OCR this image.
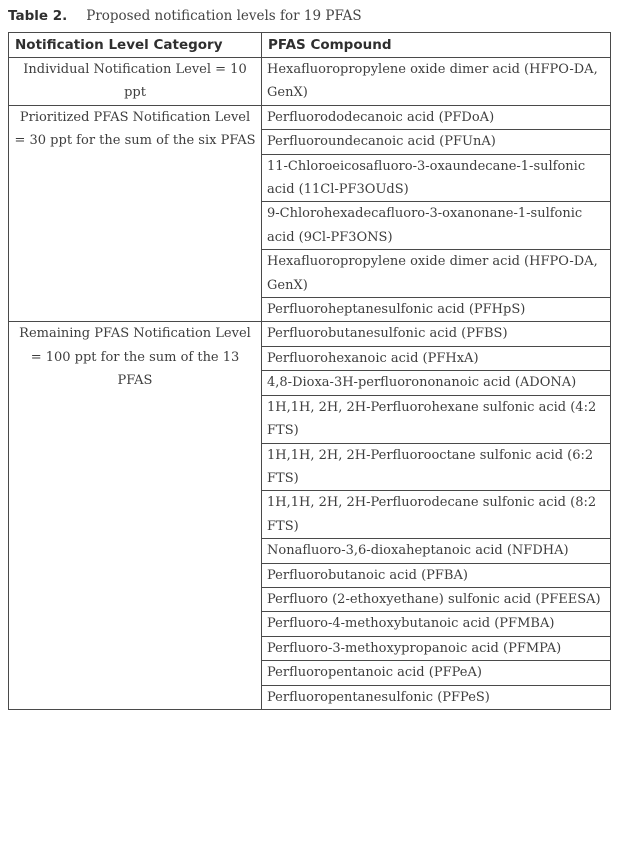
Table 2. Proposed notification levels for 19 PFAS
Notification Level Category	PFAS Compound
Individual Notification Level = 10 ppt	Hexafluoropropylene oxide dimer acid (HFPO-DA, GenX)
Prioritized PFAS Notification Level = 30 ppt for the sum of the six PFAS	Perfluorododecanoic acid (PFDoA)
	Perfluoroundecanoic acid (PFUnA)
	11-Chloroeicosafluoro-3-oxaundecane-1-sulfonic acid (11Cl-PF3OUdS)
	9-Chlorohexadecafluoro-3-oxanonane-1-sulfonic acid (9Cl-PF3ONS)
	Hexafluoropropylene oxide dimer acid (HFPO-DA, GenX)
	Perfluoroheptanesulfonic acid (PFHpS)
Remaining PFAS Notification Level = 100 ppt for the sum of the 13 PFAS	Perfluorobutanesulfonic acid (PFBS)
	Perfluorohexanoic acid (PFHxA)
	4,8-Dioxa-3H-perfluorononanoic acid (ADONA)
	1H,1H, 2H, 2H-Perfluorohexane sulfonic acid (4:2 FTS)
	1H,1H, 2H, 2H-Perfluorooctane sulfonic acid (6:2 FTS)
	1H,1H, 2H, 2H-Perfluorodecane sulfonic acid (8:2 FTS)
	Nonafluoro-3,6-dioxaheptanoic acid (NFDHA)
	Perfluorobutanoic acid (PFBA)
	Perfluoro (2-ethoxyethane) sulfonic acid (PFEESA)
	Perfluoro-4-methoxybutanoic acid (PFMBA)
	Perfluoro-3-methoxypropanoic acid (PFMPA)
	Perfluoropentanoic acid (PFPeA)
	Perfluoropentanesulfonic (PFPeS)
